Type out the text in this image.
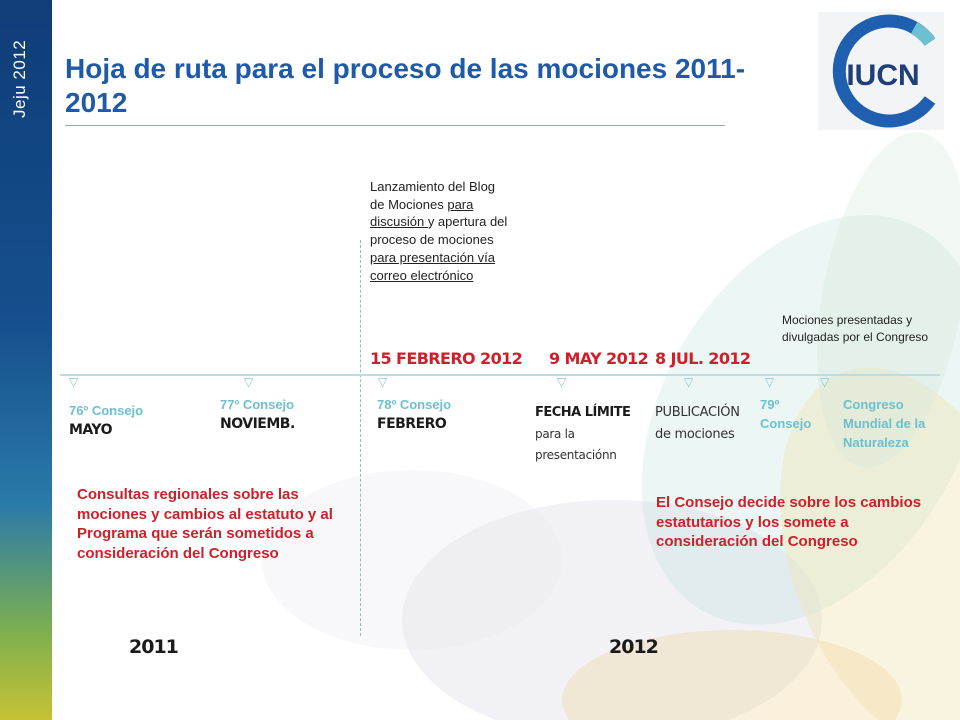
Jeju 2012 Hoja de ruta para el proceso de las mociones 2011-2012
IUCN
Lanzamiento del Blog de Mociones para discusión y apertura del proceso de mociones para presentación vía correo electrónico
15 FEBRERO 2012 9 MAY 2012 8 JUL. 2012
Mociones presentadas y divulgadas por el Congreso
▽	▽	▽	▽	▽	▽	▽
76º Consejo
MAYO
77º Consejo
NOVIEMB.
78º Consejo
FEBRERO
FECHA LÍMITE
para la presentaciónn
PUBLICACIÓN
de mociones
79º Consejo
Congreso Mundial de la Naturaleza
Consultas regionales sobre las mociones y cambios al estatuto y al Programa que serán sometidos a consideración del Congreso
El Consejo decide sobre los cambios estatutarios y los somete a consideración del Congreso
2011	2012
